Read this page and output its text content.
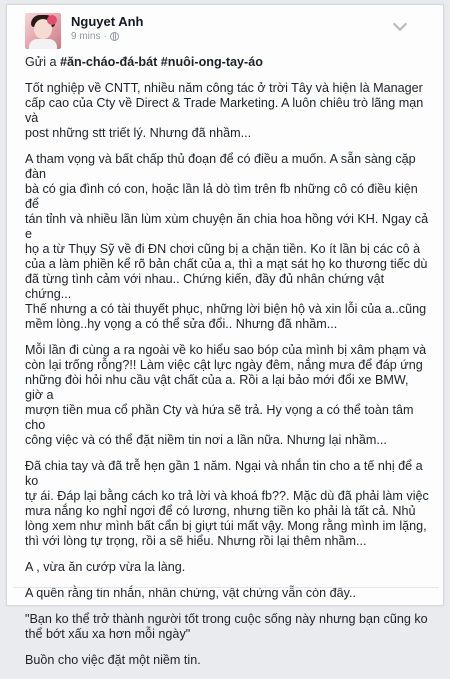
Nguyet Anh
9 mins ·

Gửi a #ăn-cháo-đá-bát #nuôi-ong-tay-áo

Tốt nghiệp về CNTT, nhiều năm công tác ở trời Tây và hiện là Manager
cấp cao của Cty về Direct & Trade Marketing. A luôn chiêu trò lãng mạn và
post những stt triết lý. Nhưng đã nhầm...

A tham vọng và bất chấp thủ đoạn để có điều a muốn. A sẵn sàng cặp đàn
bà có gia đình có con, hoặc lần lả dò tìm trên fb những cô có điều kiện để
tán tỉnh và nhiều lần lùm xùm chuyện ăn chia hoa hồng với KH. Ngay cả e
họ a từ Thụy Sỹ về đi ĐN chơi cũng bị a chặn tiền. Ko ít lần bị các cô à
của a làm phiền kể rõ bản chất của a, thì a mạt sát họ ko thương tiếc dù
đã từng tình cảm với nhau.. Chứng kiến, đầy đủ nhân chứng vật chứng...
Thế nhưng a có tài thuyết phục, những lời biện hộ và xin lỗi của a..cũng
mềm lòng..hy vọng a có thể sửa đổi.. Nhưng đã nhầm...

Mỗi lần đi cùng a ra ngoài về ko hiểu sao bóp của mình bị xâm phạm và
còn lại trống rỗng?!! Làm việc cật lực ngày đêm, nắng mưa để đáp ứng
những đòi hỏi nhu cầu vật chất của a. Rồi a lại bảo mới đổi xe BMW, giờ a
mượn tiền mua cổ phần Cty và hứa sẽ trả. Hy vọng a có thể toàn tâm cho
công việc và có thể đặt niềm tin nơi a lần nữa. Nhưng lại nhầm...

Đã chia tay và đã trễ hẹn gần 1 năm. Ngại và nhắn tin cho a tế nhị để a ko
tự ái. Đáp lại bằng cách ko trả lời và khoá fb??. Mặc dù đã phải làm việc
mưa nắng ko nghỉ ngơi để có lương, nhưng tiền ko phải là tất cả. Nhủ
lòng xem như mình bất cẩn bị giựt túi mất vậy. Mong rằng mình im lặng,
thì với lòng tự trọng, rồi a sẽ hiểu. Nhưng rồi lại thêm nhầm...

A , vừa ăn cướp vừa la làng.

A quên rằng tin nhắn, nhân chứng, vật chứng vẫn còn đây..

"Bạn ko thể trở thành người tốt trong cuộc sống này nhưng bạn cũng ko
thể bớt xấu xa hơn mỗi ngày"

Buồn cho việc đặt một niềm tin.
